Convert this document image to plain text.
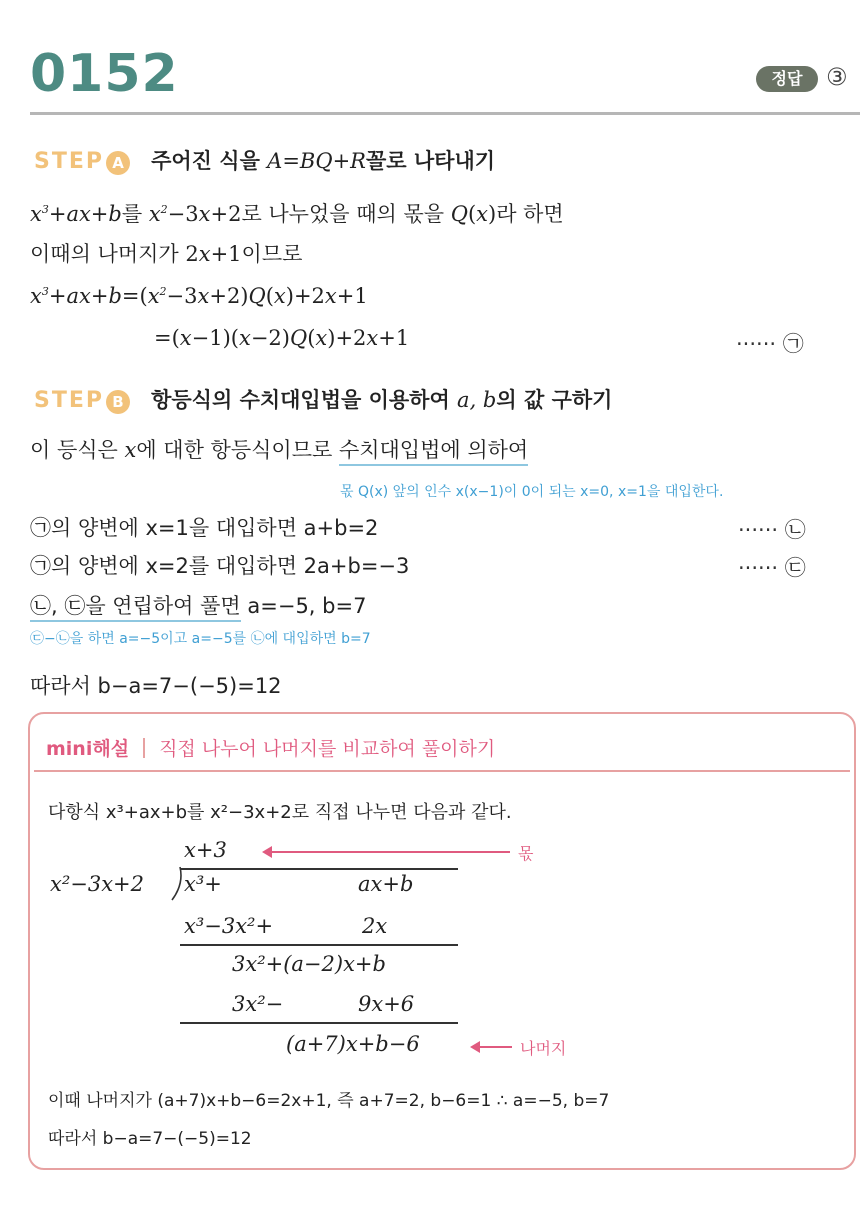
0152	정답 ③
STEP A 주어진 식을 A=BQ+R꼴로 나타내기
$x^3+ax+b$를 $x^2-3x+2$로 나누었을 때의 몫을 Q(x)라 하면
이때의 나머지가 2x+1이므로
$x^3+ax+b=(x^2-3x+2)Q(x)+2x+1$
=(x−1)(x−2)Q(x)+2x+1	······ ㉠
STEP B 항등식의 수치대입법을 이용하여 a, b의 값 구하기
이 등식은 x에 대한 항등식이므로 수치대입법에 의하여
몫 Q(x) 앞의 인수 x(x−1)이 0이 되는 x=0, x=1을 대입한다.
㉠의 양변에 x=1을 대입하면 a+b=2	······ ㉡
㉠의 양변에 x=2를 대입하면 2a+b=−3	······ ㉢
㉡, ㉢을 연립하여 풀면 a=−5, b=7
㉢−㉡을 하면 a=−5이고 a=−5를 ㉡에 대입하면 b=7
따라서 b−a=7−(−5)=12
mini해설 직접 나누어 나머지를 비교하여 풀이하기
다항식 x³+ax+b를 x²−3x+2로 직접 나누면 다음과 같다.
x+3	몫
x²−3x+2 x³+	ax+b
x³−3x²+	2x
3x²+(a−2)x+b
3x²−	9x+6
(a+7)x+b−6	나머지
이때 나머지가 (a+7)x+b−6=2x+1, 즉 a+7=2, b−6=1 ∴ a=−5, b=7
따라서 b−a=7−(−5)=12
